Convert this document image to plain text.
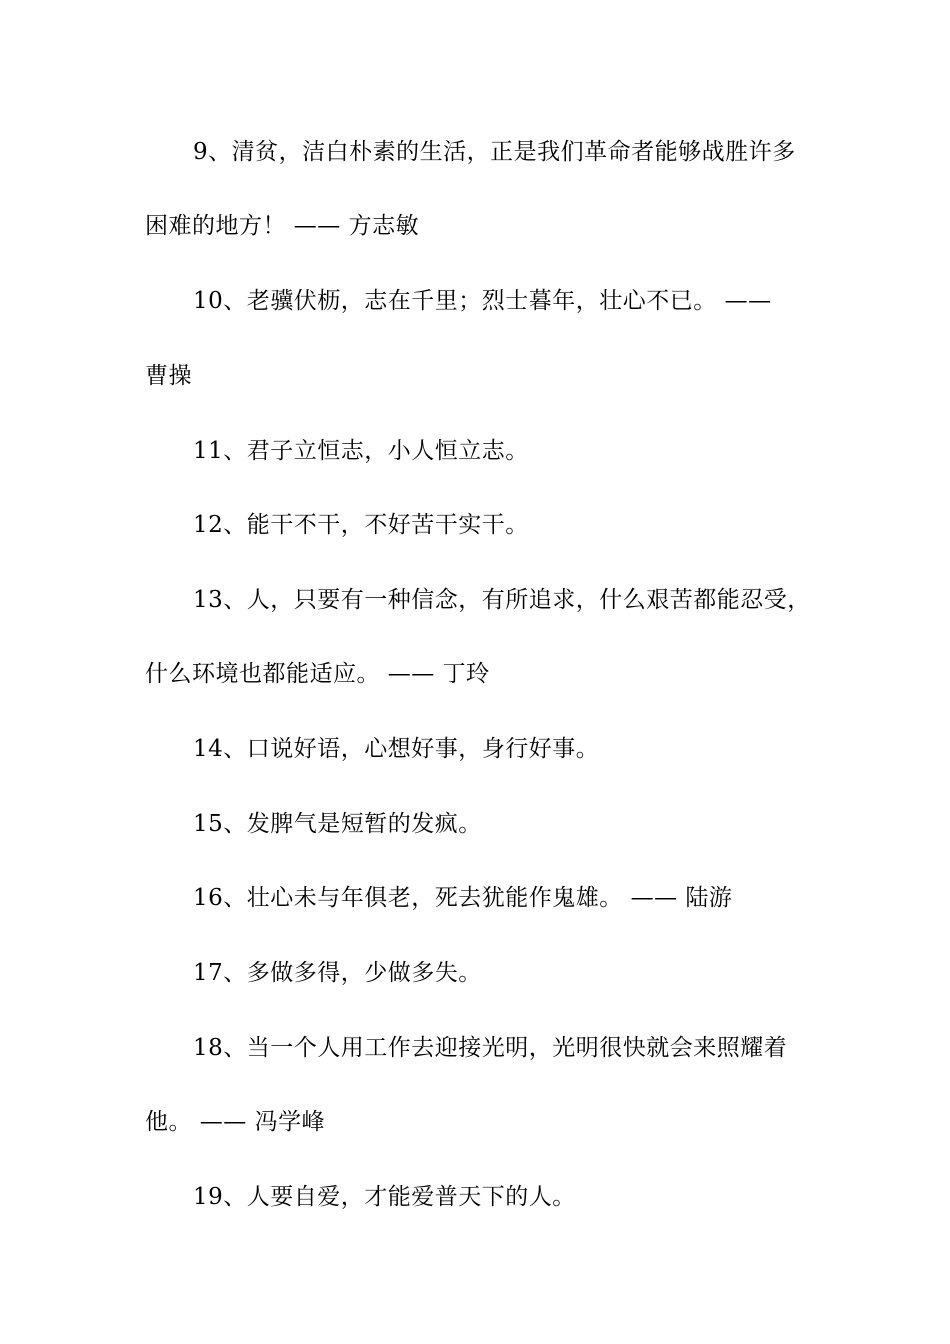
9、清贫，洁白朴素的生活，正是我们革命者能够战胜许多
困难的地方！ —— 方志敏
10、老骥伏枥，志在千里；烈士暮年，壮心不已。 ——
曹操
11、君子立恒志，小人恒立志。
12、能干不干，不好苦干实干。
13、人，只要有一种信念，有所追求，什么艰苦都能忍受，
什么环境也都能适应。 —— 丁玲
14、口说好语，心想好事，身行好事。
15、发脾气是短暂的发疯。
16、壮心未与年俱老，死去犹能作鬼雄。 —— 陆游
17、多做多得，少做多失。
18、当一个人用工作去迎接光明，光明很快就会来照耀着
他。 —— 冯学峰
19、人要自爱，才能爱普天下的人。
